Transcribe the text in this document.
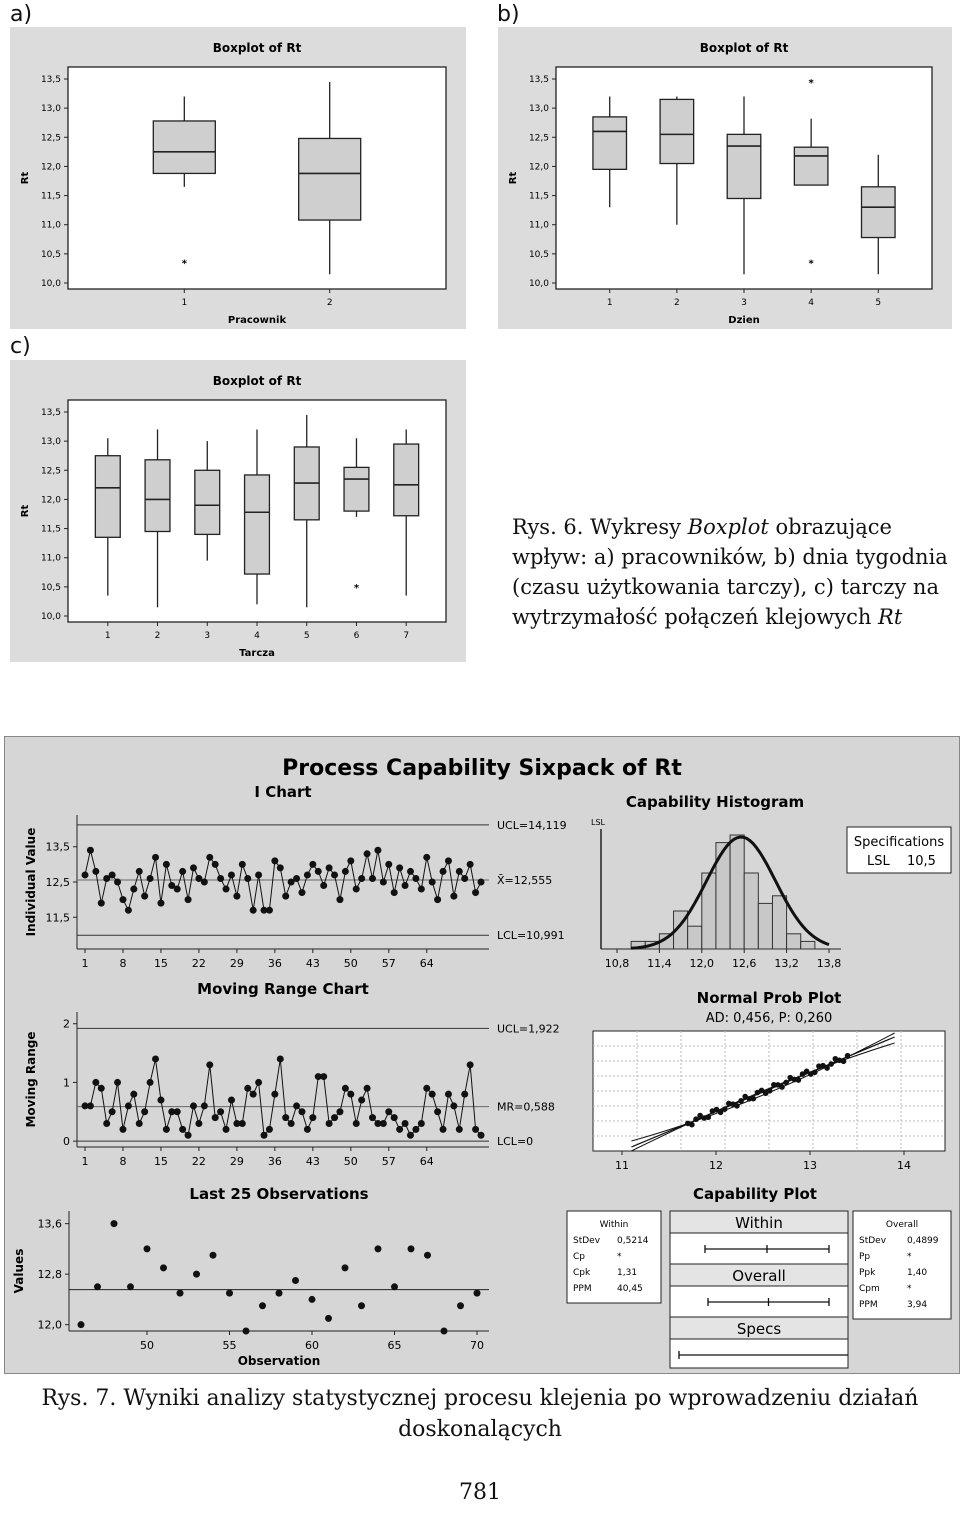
a)	b)
c)
Boxplot of Rt
10,0
10,5
11,0
11,5
12,0
12,5
13,0
13,5
Rt
1
*
2
Pracownik
Boxplot of Rt
10,0
10,5
11,0
11,5
12,0
12,5
13,0
13,5
Rt
1	2	3	4
*
*
5
Dzien
Boxplot of Rt
10,0
10,5
11,0
11,5
12,0
12,5
13,0
13,5
Rt
1	2	3	4	5	6
*
7
Tarcza
Rys. 6. Wykresy Boxplot obrazujące wpływ: a) pracowników, b) dnia tygodnia (czasu użytkowania tarczy), c) tarczy na wytrzymałość połączeń klejowych Rt
Process Capability Sixpack of Rt
I Chart
11,5
12,5
13,5
1	8 15 22 29 36 43 50 57 64
Individual Value
UCL=14,119
X̄=12,555
LCL=10,991
Moving Range Chart
0
1
2
1	8 15 22 29 36 43 50 57 64
Moving Range
UCL=1,922
MR=0,588
LCL=0
Last 25 Observations
12,0
12,8
13,6
50	55	60	65	70
Observation
Values
Capability Histogram
LSL
10,8 11,4 12,0 12,6 13,2 13,8
Specifications
LSL 10,5
Normal Prob Plot
AD: 0,456, P: 0,260
11	12	13	14
Capability Plot
Within
StDev 0,5214
Cp	*
Cpk	1,31
PPM	40,45
Overall
StDev 0,4899
Pp	*
Ppk	1,40
Cpm	*
PPM	3,94
Within
Overall
Specs
Rys. 7. Wyniki analizy statystycznej procesu klejenia po wprowadzeniu działań
doskonalących
781
